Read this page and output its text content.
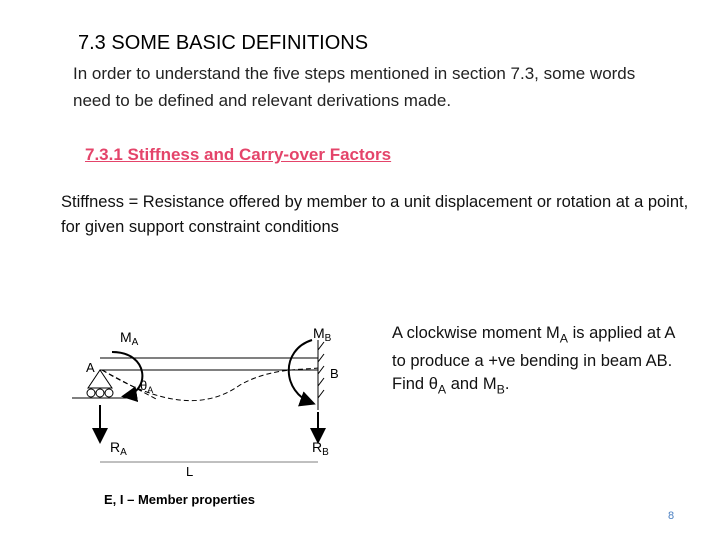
7.3 SOME BASIC DEFINITIONS
In order to understand the five steps mentioned in section 7.3, some words need to be defined and relevant derivations made.
7.3.1 Stiffness and Carry-over Factors
Stiffness = Resistance offered by member to a unit displacement or rotation at a point, for given support constraint conditions
A clockwise moment $M_A$ is applied at A to produce a +ve bending in beam AB. Find $\theta_A$ and $M_B$.
$M_A$
$M_B$
A	B
$\theta_A$
$R_A$	$R_B$
L
E, I – Member properties
8
